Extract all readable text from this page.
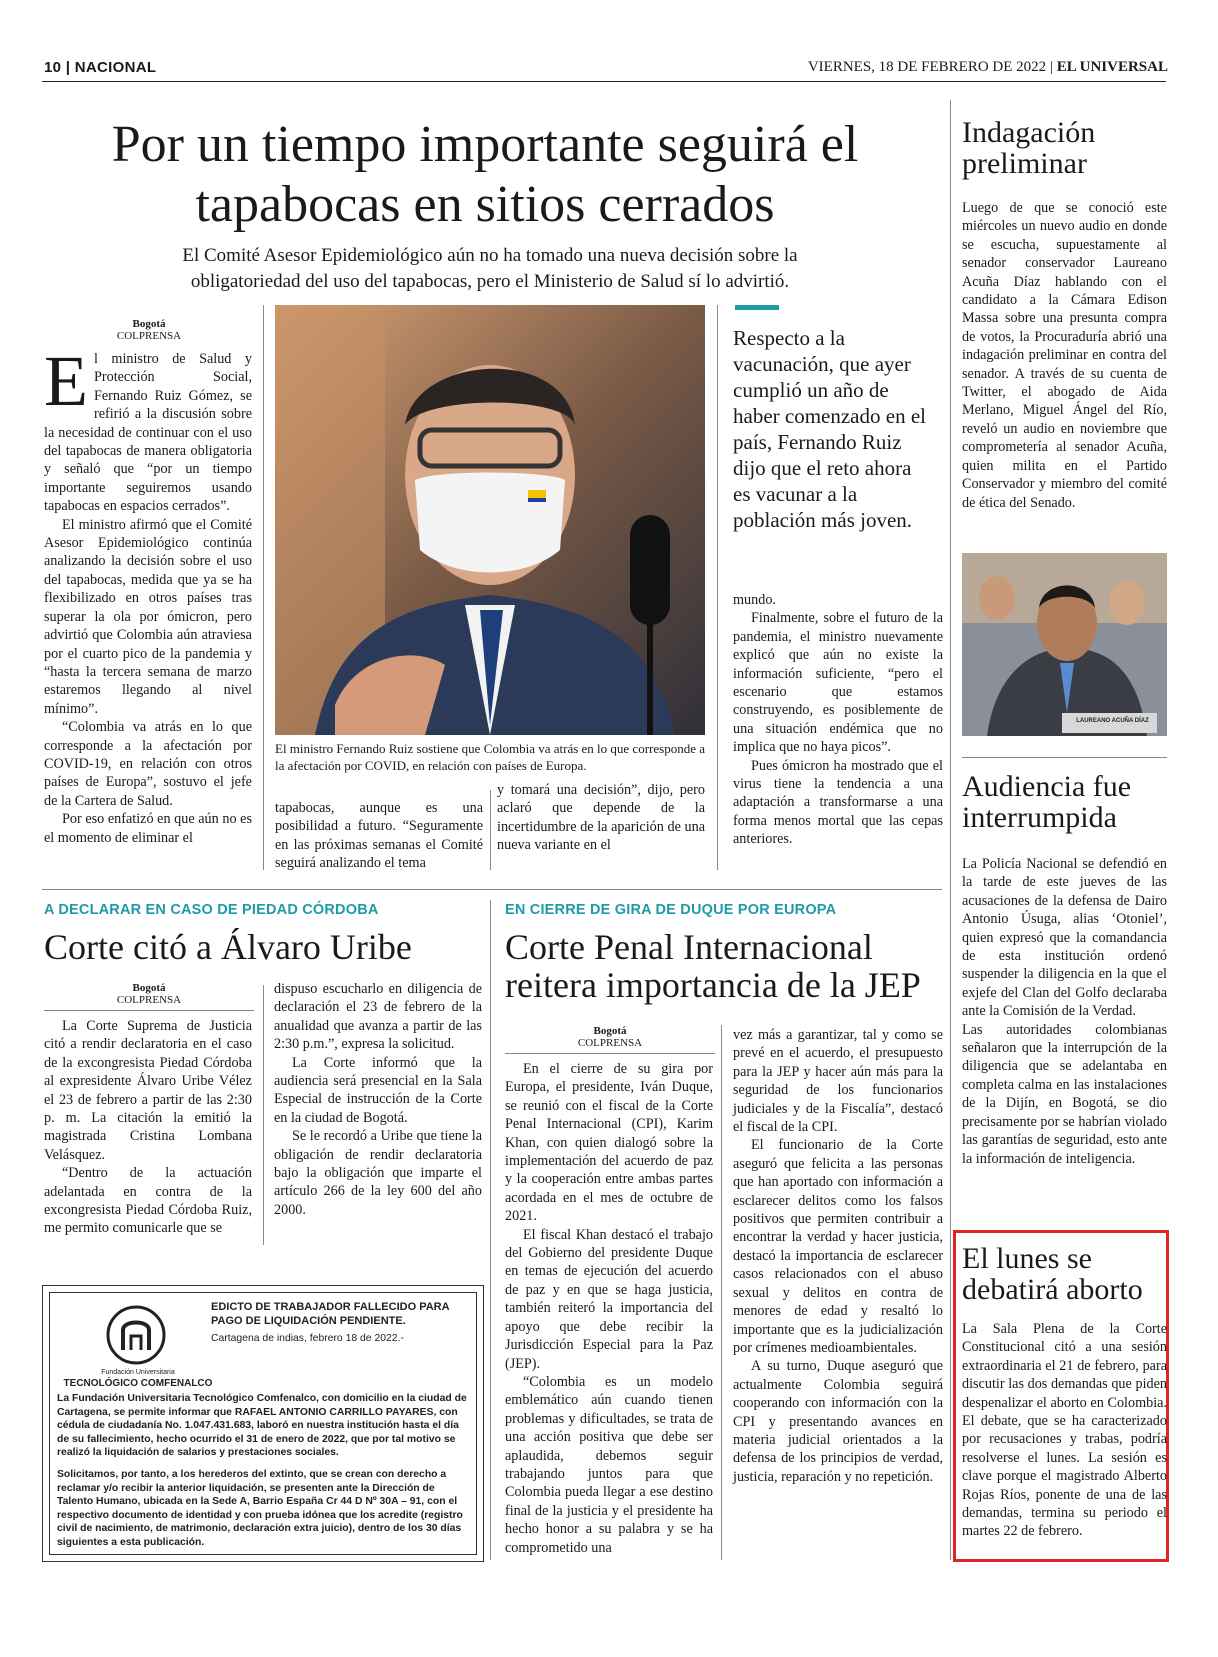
10 | NACIONAL	VIERNES, 18 DE FEBRERO DE 2022 | EL UNIVERSAL
Por un tiempo importante seguirá el tapabocas en sitios cerrados
El Comité Asesor Epidemiológico aún no ha tomado una nueva decisión sobre la obligatoriedad del uso del tapabocas, pero el Ministerio de Salud sí lo advirtió.
Bogotá
COLPRENSA

El ministro de Salud y Protección Social, Fernando Ruiz Gómez, se refirió a la discusión sobre la necesidad de continuar con el uso del tapabocas de manera obligatoria y señaló que “por un tiempo importante seguiremos usando tapabocas en espacios cerrados”.

El ministro afirmó que el Comité Asesor Epidemiológico continúa analizando la decisión sobre el uso del tapabocas, medida que ya se ha flexibilizado en otros países tras superar la ola por ómicron, pero advirtió que Colombia aún atraviesa por el cuarto pico de la pandemia y “hasta la tercera semana de marzo estaremos llegando al nivel mínimo”.

“Colombia va atrás en lo que corresponde a la afectación por COVID-19, en relación con otros países de Europa”, sostuvo el jefe de la Cartera de Salud.

Por eso enfatizó en que aún no es el momento de eliminar el

El ministro Fernando Ruiz sostiene que Colombia va atrás en lo que corresponde a la afectación por COVID, en relación con países de Europa.

tapabocas, aunque es una posibilidad a futuro. “Seguramente en las próximas semanas el Comité seguirá analizando el tema

y tomará una decisión”, dijo, pero aclaró que depende de la incertidumbre de la aparición de una nueva variante en el

Respecto a la vacunación, que ayer cumplió un año de haber comenzado en el país, Fernando Ruiz dijo que el reto ahora es vacunar a la población más joven.

mundo.

Finalmente, sobre el futuro de la pandemia, el ministro nuevamente explicó que aún no existe la información suficiente, “pero el escenario que estamos construyendo, es posiblemente de una situación endémica que no implica que no haya picos”.

Pues ómicron ha mostrado que el virus tiene la tendencia a una adaptación a transformarse a una forma menos mortal que las cepas anteriores.

Indagación preliminar

Luego de que se conoció este miércoles un nuevo audio en donde se escucha, supuestamente al senador conservador Laureano Acuña Díaz hablando con el candidato a la Cámara Edison Massa sobre una presunta compra de votos, la Procuraduría abrió una indagación preliminar en contra del senador. A través de su cuenta de Twitter, el abogado de Aida Merlano, Miguel Ángel del Río, reveló un audio en noviembre que comprometería al senador Acuña, quien milita en el Partido Conservador y miembro del comité de ética del Senado.

LAUREANO ACUÑA DÍAZ
Audiencia fue interrumpida

La Policía Nacional se defendió en la tarde de este jueves de las acusaciones de la defensa de Dairo Antonio Úsuga, alias ‘Otoniel’, quien expresó que la comandancia de esta institución ordenó suspender la diligencia en la que el exjefe del Clan del Golfo declaraba ante la Comisión de la Verdad.

Las autoridades colombianas señalaron que la interrupción de la diligencia que se adelantaba en completa calma en las instalaciones de la Dijín, en Bogotá, se dio precisamente por se habrían violado las garantías de seguridad, esto ante la información de inteligencia.

El lunes se debatirá aborto

La Sala Plena de la Corte Constitucional citó a una sesión extraordinaria el 21 de febrero, para discutir las dos demandas que piden despenalizar el aborto en Colombia. El debate, que se ha caracterizado por recusaciones y trabas, podría resolverse el lunes. La sesión es clave porque el magistrado Alberto Rojas Ríos, ponente de una de las demandas, termina su periodo el martes 22 de febrero.

A DECLARAR EN CASO DE PIEDAD CÓRDOBA
Corte citó a Álvaro Uribe
Bogotá
COLPRENSA

La Corte Suprema de Justicia citó a rendir declaratoria en el caso de la excongresista Piedad Córdoba al expresidente Álvaro Uribe Vélez el 23 de febrero a partir de las 2:30 p. m. La citación la emitió la magistrada Cristina Lombana Velásquez.

“Dentro de la actuación adelantada en contra de la excongresista Piedad Córdoba Ruiz, me permito comunicarle que se

dispuso escucharlo en diligencia de declaración el 23 de febrero de la anualidad que avanza a partir de las 2:30 p.m.”, expresa la solicitud.

La Corte informó que la audiencia será presencial en la Sala Especial de instrucción de la Corte en la ciudad de Bogotá.

Se le recordó a Uribe que tiene la obligación de rendir declaratoria bajo la obligación que imparte el artículo 266 de la ley 600 del año 2000.

EN CIERRE DE GIRA DE DUQUE POR EUROPA
Corte Penal Internacional reitera importancia de la JEP
Bogotá
COLPRENSA

En el cierre de su gira por Europa, el presidente, Iván Duque, se reunió con el fiscal de la Corte Penal Internacional (CPI), Karim Khan, con quien dialogó sobre la implementación del acuerdo de paz y la cooperación entre ambas partes acordada en el mes de octubre de 2021.

El fiscal Khan destacó el trabajo del Gobierno del presidente Duque en temas de ejecución del acuerdo de paz y en que se haga justicia, también reiteró la importancia del apoyo que debe recibir la Jurisdicción Especial para la Paz (JEP).

“Colombia es un modelo emblemático aún cuando tienen problemas y dificultades, se trata de una acción positiva que debe ser aplaudida, debemos seguir trabajando juntos para que Colombia pueda llegar a ese destino final de la justicia y el presidente ha hecho honor a su palabra y se ha comprometido una

vez más a garantizar, tal y como se prevé en el acuerdo, el presupuesto para la JEP y hacer aún más para la seguridad de los funcionarios judiciales y de la Fiscalía”, destacó el fiscal de la CPI.

El funcionario de la Corte aseguró que felicita a las personas que han aportado con información a esclarecer delitos como los falsos positivos que permiten contribuir a encontrar la verdad y hacer justicia, destacó la importancia de esclarecer casos relacionados con el abuso sexual y delitos en contra de menores de edad y resaltó lo importante que es la judicialización por crímenes medioambientales.

A su turno, Duque aseguró que actualmente Colombia seguirá cooperando con información con la CPI y presentando avances en materia judicial orientados a la defensa de los principios de verdad, justicia, reparación y no repetición.

Fundación Universitaria
TECNOLÓGICO COMFENALCO
EDICTO DE TRABAJADOR FALLECIDO PARA PAGO DE LIQUIDACIÓN PENDIENTE.
Cartagena de indias, febrero 18 de 2022.-
La Fundación Universitaria Tecnológico Comfenalco, con domicilio en la ciudad de Cartagena, se permite informar que RAFAEL ANTONIO CARRILLO PAYARES, con cédula de ciudadanía No. 1.047.431.683, laboró en nuestra institución hasta el día de su fallecimiento, hecho ocurrido el 31 de enero de 2022, que por tal motivo se realizó la liquidación de salarios y prestaciones sociales.
Solicitamos, por tanto, a los herederos del extinto, que se crean con derecho a reclamar y/o recibir la anterior liquidación, se presenten ante la Dirección de Talento Humano, ubicada en la Sede A, Barrio España Cr 44 D Nº 30A – 91, con el respectivo documento de identidad y con prueba idónea que los acredite (registro civil de nacimiento, de matrimonio, declaración extra juicio), dentro de los 30 días siguientes a esta publicación.
